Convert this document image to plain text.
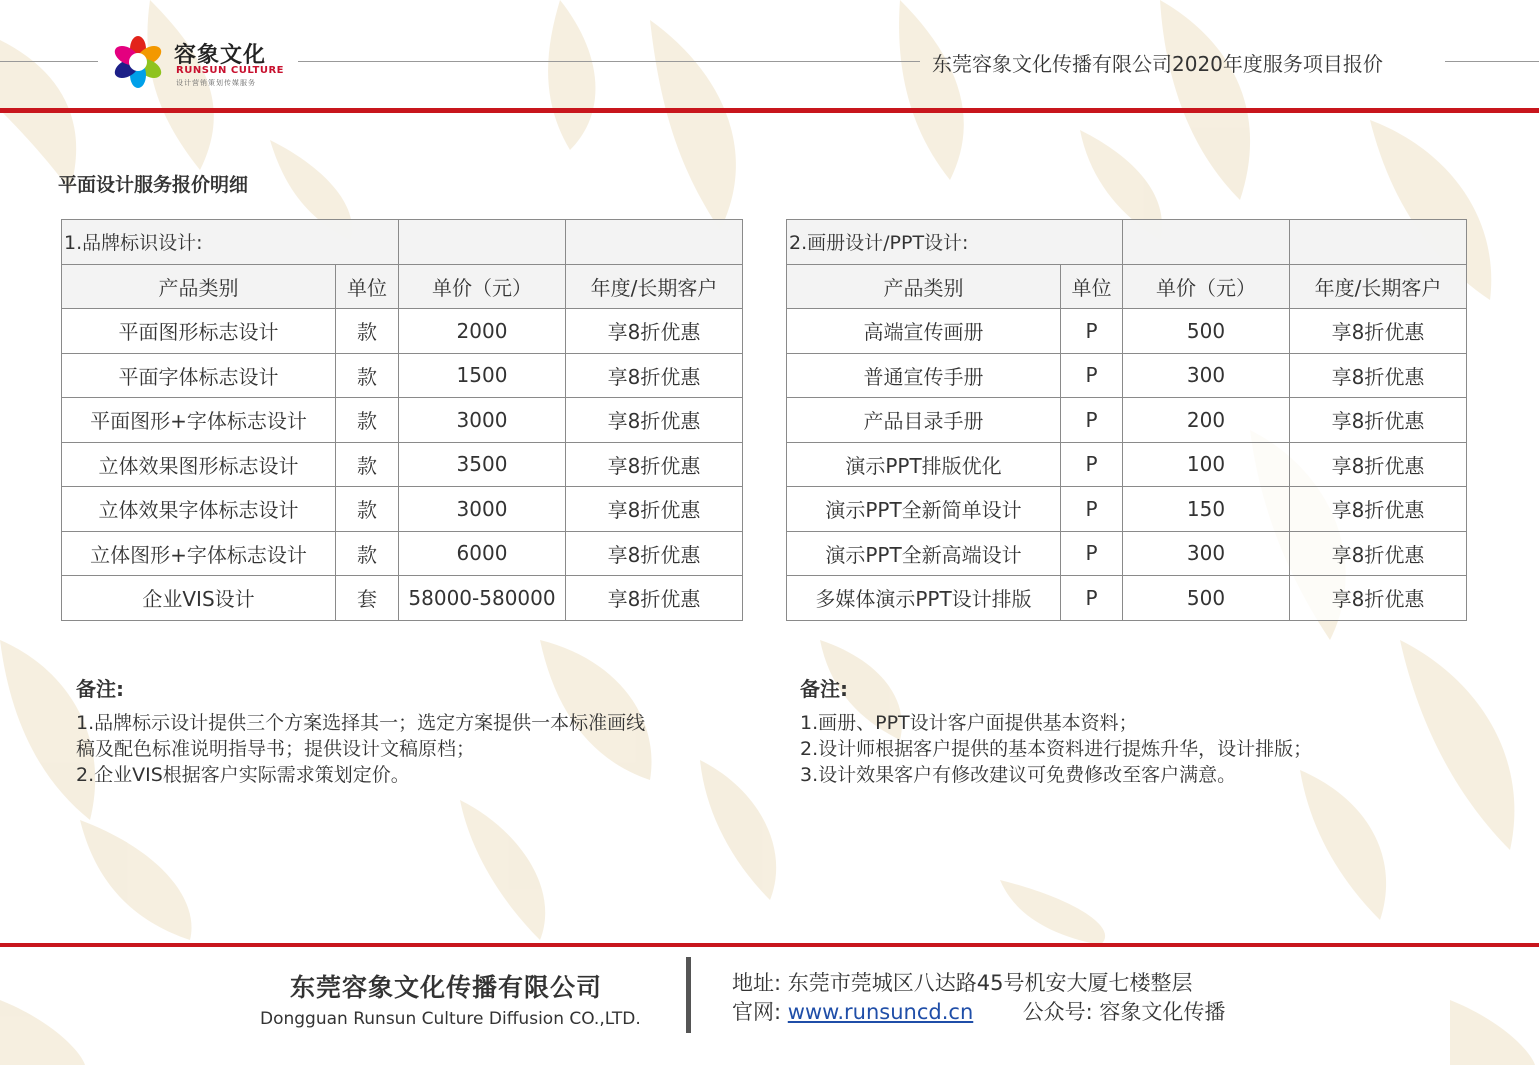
容象文化
RUNSUN CULTURE
设计营销策划传媒服务
东莞容象文化传播有限公司2020年度服务项目报价
平面设计服务报价明细
1.品牌标识设计:			
产品类别	单位	单价（元）	年度/长期客户
平面图形标志设计	款	2000	享8折优惠
平面字体标志设计	款	1500	享8折优惠
平面图形+字体标志设计	款	3000	享8折优惠
立体效果图形标志设计	款	3500	享8折优惠
立体效果字体标志设计	款	3000	享8折优惠
立体图形+字体标志设计	款	6000	享8折优惠
企业VIS设计	套	58000-580000	享8折优惠
2.画册设计/PPT设计:			
产品类别	单位	单价（元）	年度/长期客户
高端宣传画册	P	500	享8折优惠
普通宣传手册	P	300	享8折优惠
产品目录手册	P	200	享8折优惠
演示PPT排版优化	P	100	享8折优惠
演示PPT全新简单设计	P	150	享8折优惠
演示PPT全新高端设计	P	300	享8折优惠
多媒体演示PPT设计排版	P	500	享8折优惠
备注:
1.品牌标示设计提供三个方案选择其一；选定方案提供一本标准画线
稿及配色标准说明指导书；提供设计文稿原档；
2.企业VIS根据客户实际需求策划定价。
备注:
1.画册、PPT设计客户面提供基本资料；
2.设计师根据客户提供的基本资料进行提炼升华，设计排版；
3.设计效果客户有修改建议可免费修改至客户满意。
东莞容象文化传播有限公司
Dongguan Runsun Culture Diffusion CO.,LTD.
地址: 东莞市莞城区八达路45号机安大厦七楼整层
官网: www.runsuncd.cn 公众号: 容象文化传播
